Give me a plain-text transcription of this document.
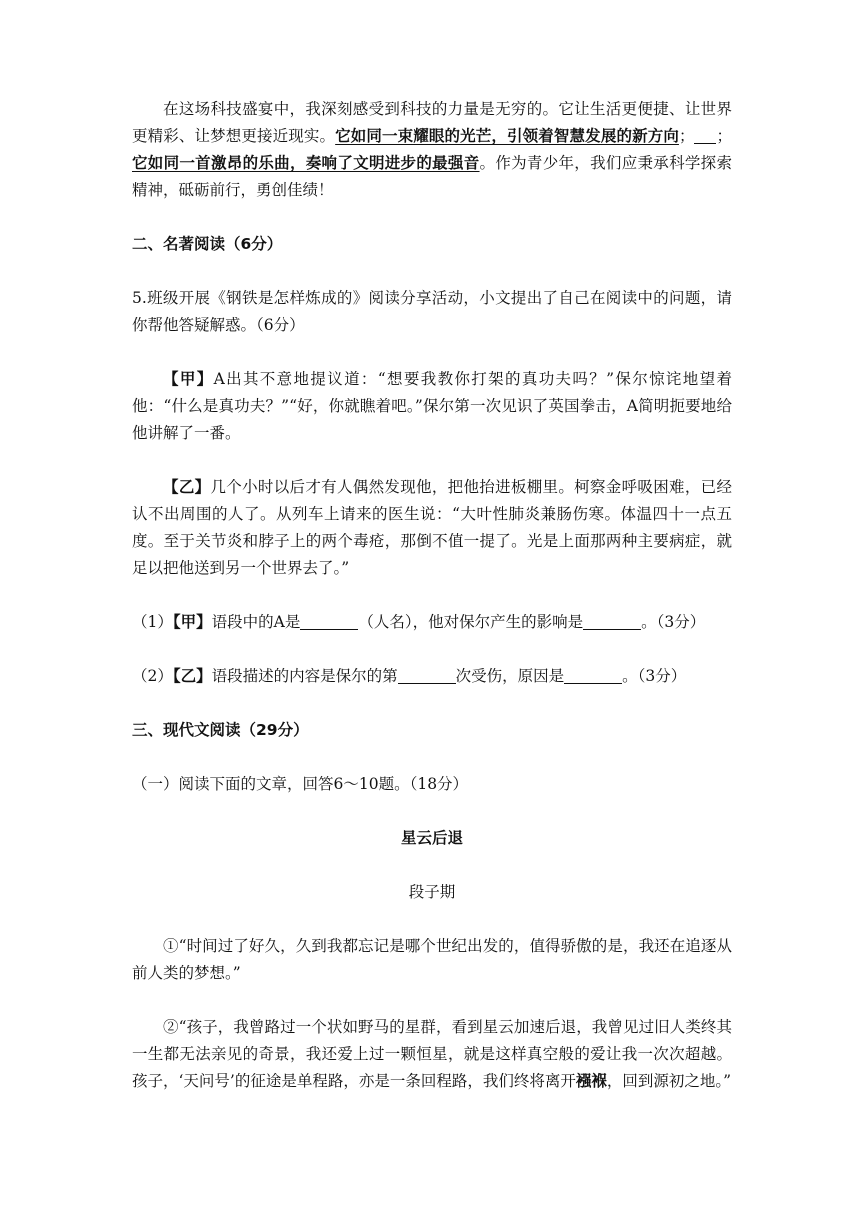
在这场科技盛宴中，我深刻感受到科技的力量是无穷的。它让生活更便捷、让世界更精彩、让梦想更接近现实。它如同一束耀眼的光芒，引领着智慧发展的新方向； ；它如同一首激昂的乐曲，奏响了文明进步的最强音。作为青少年，我们应秉承科学探索精神，砥砺前行，勇创佳绩！

二、名著阅读（6分）

5.班级开展《钢铁是怎样炼成的》阅读分享活动，小文提出了自己在阅读中的问题，请你帮他答疑解惑。（6分）

【甲】A出其不意地提议道：“想要我教你打架的真功夫吗？”保尔惊诧地望着他：“什么是真功夫？”“好，你就瞧着吧。”保尔第一次见识了英国拳击，A简明扼要地给他讲解了一番。

【乙】几个小时以后才有人偶然发现他，把他抬进板棚里。柯察金呼吸困难，已经认不出周围的人了。从列车上请来的医生说：“大叶性肺炎兼肠伤寒。体温四十一点五度。至于关节炎和脖子上的两个毒疮，那倒不值一提了。光是上面那两种主要病症，就足以把他送到另一个世界去了。”

（1）【甲】语段中的A是	（人名），他对保尔产生的影响是	。（3分）

（2）【乙】语段描述的内容是保尔的第	次受伤，原因是	。（3分）

三、现代文阅读（29分）

（一）阅读下面的文章，回答6～10题。（18分）

星云后退

段子期

①“时间过了好久，久到我都忘记是哪个世纪出发的，值得骄傲的是，我还在追逐从前人类的梦想。”

②“孩子，我曾路过一个状如野马的星群，看到星云加速后退，我曾见过旧人类终其一生都无法亲见的奇景，我还爱上过一颗恒星，就是这样真空般的爱让我一次次超越。孩子，‘天问号’的征途是单程路，亦是一条回程路，我们终将离开襁褓，回到源初之地。”
